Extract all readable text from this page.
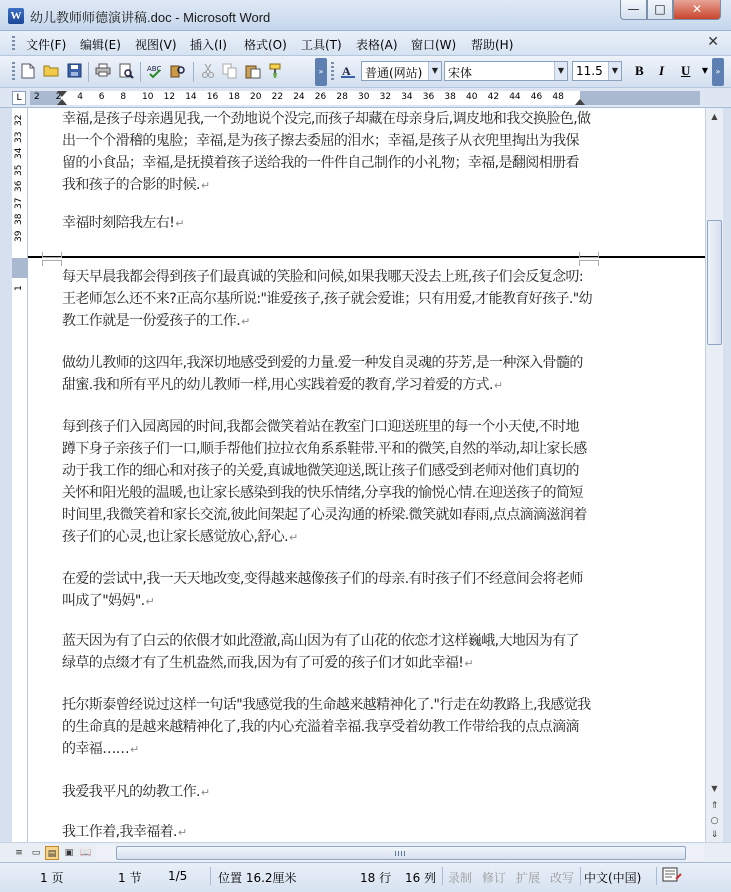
W 幼儿教师师德演讲稿.doc - Microsoft Word
—	□	✕
文件(F) 编辑(E) 视图(V) 插入(I) 格式(O) 工具(T) 表格(A) 窗口(W) 帮助(H)	✕
ABC	» A 普通(网站)	▼ 宋体	▼ 11.5	▼ B I U	▼ »
L	2 2 4 6 8 10 12 14 16 18 20 22 24 26 28 30 32 34 36 38 40 42 44 46 48
32
33
34
35
36
37
38
39
1

幸福,是孩子母亲遇见我,一个劲地说个没完,而孩子却藏在母亲身后,调皮地和我交换脸色,做出一个个滑稽的鬼脸；幸福,是为孩子擦去委屈的泪水；幸福,是孩子从衣兜里掏出为我保留的小食品；幸福,是抚摸着孩子送给我的一件件自己制作的小礼物；幸福,是翻阅相册看我和孩子的合影的时候.↵

幸福时刻陪我左右!↵

每天早晨我都会得到孩子们最真诚的笑脸和问候,如果我哪天没去上班,孩子们会反复念叨:王老师怎么还不来?正高尔基所说:"谁爱孩子,孩子就会爱谁；只有用爱,才能教育好孩子."幼教工作就是一份爱孩子的工作.↵

做幼儿教师的这四年,我深切地感受到爱的力量.爱一种发自灵魂的芬芳,是一种深入骨髓的甜蜜.我和所有平凡的幼儿教师一样,用心实践着爱的教育,学习着爱的方式.↵

每到孩子们入园离园的时间,我都会微笑着站在教室门口迎送班里的每一个小天使,不时地蹲下身子亲孩子们一口,顺手帮他们拉拉衣角系系鞋带.平和的微笑,自然的举动,却让家长感动于我工作的细心和对孩子的关爱,真诚地微笑迎送,既让孩子们感受到老师对他们真切的关怀和阳光般的温暖,也让家长感染到我的快乐情绪,分享我的愉悦心情.在迎送孩子的简短时间里,我微笑着和家长交流,彼此间架起了心灵沟通的桥梁.微笑就如春雨,点点滴滴滋润着孩子们的心灵,也让家长感觉放心,舒心.↵

在爱的尝试中,我一天天地改变,变得越来越像孩子们的母亲.有时孩子们不经意间会将老师叫成了"妈妈".↵

蓝天因为有了白云的依偎才如此澄澈,高山因为有了山花的依恋才这样巍峨,大地因为有了绿草的点缀才有了生机盎然,而我,因为有了可爱的孩子们才如此幸福!↵

托尔斯泰曾经说过这样一句话"我感觉我的生命越来越精神化了."行走在幼教路上,我感觉我的生命真的是越来越精神化了,我的内心充溢着幸福.我享受着幼教工作带给我的点点滴滴的幸福……↵

我爱我平凡的幼教工作.↵

我工作着,我幸福着.↵

▲
▼
⇑
○
⇓
≡ ▭ ▤ ▣ 📖
1 页	1 节 1/5	位置 16.2厘米	18 行 16 列 录制 修订 扩展 改写 中文(中国)
